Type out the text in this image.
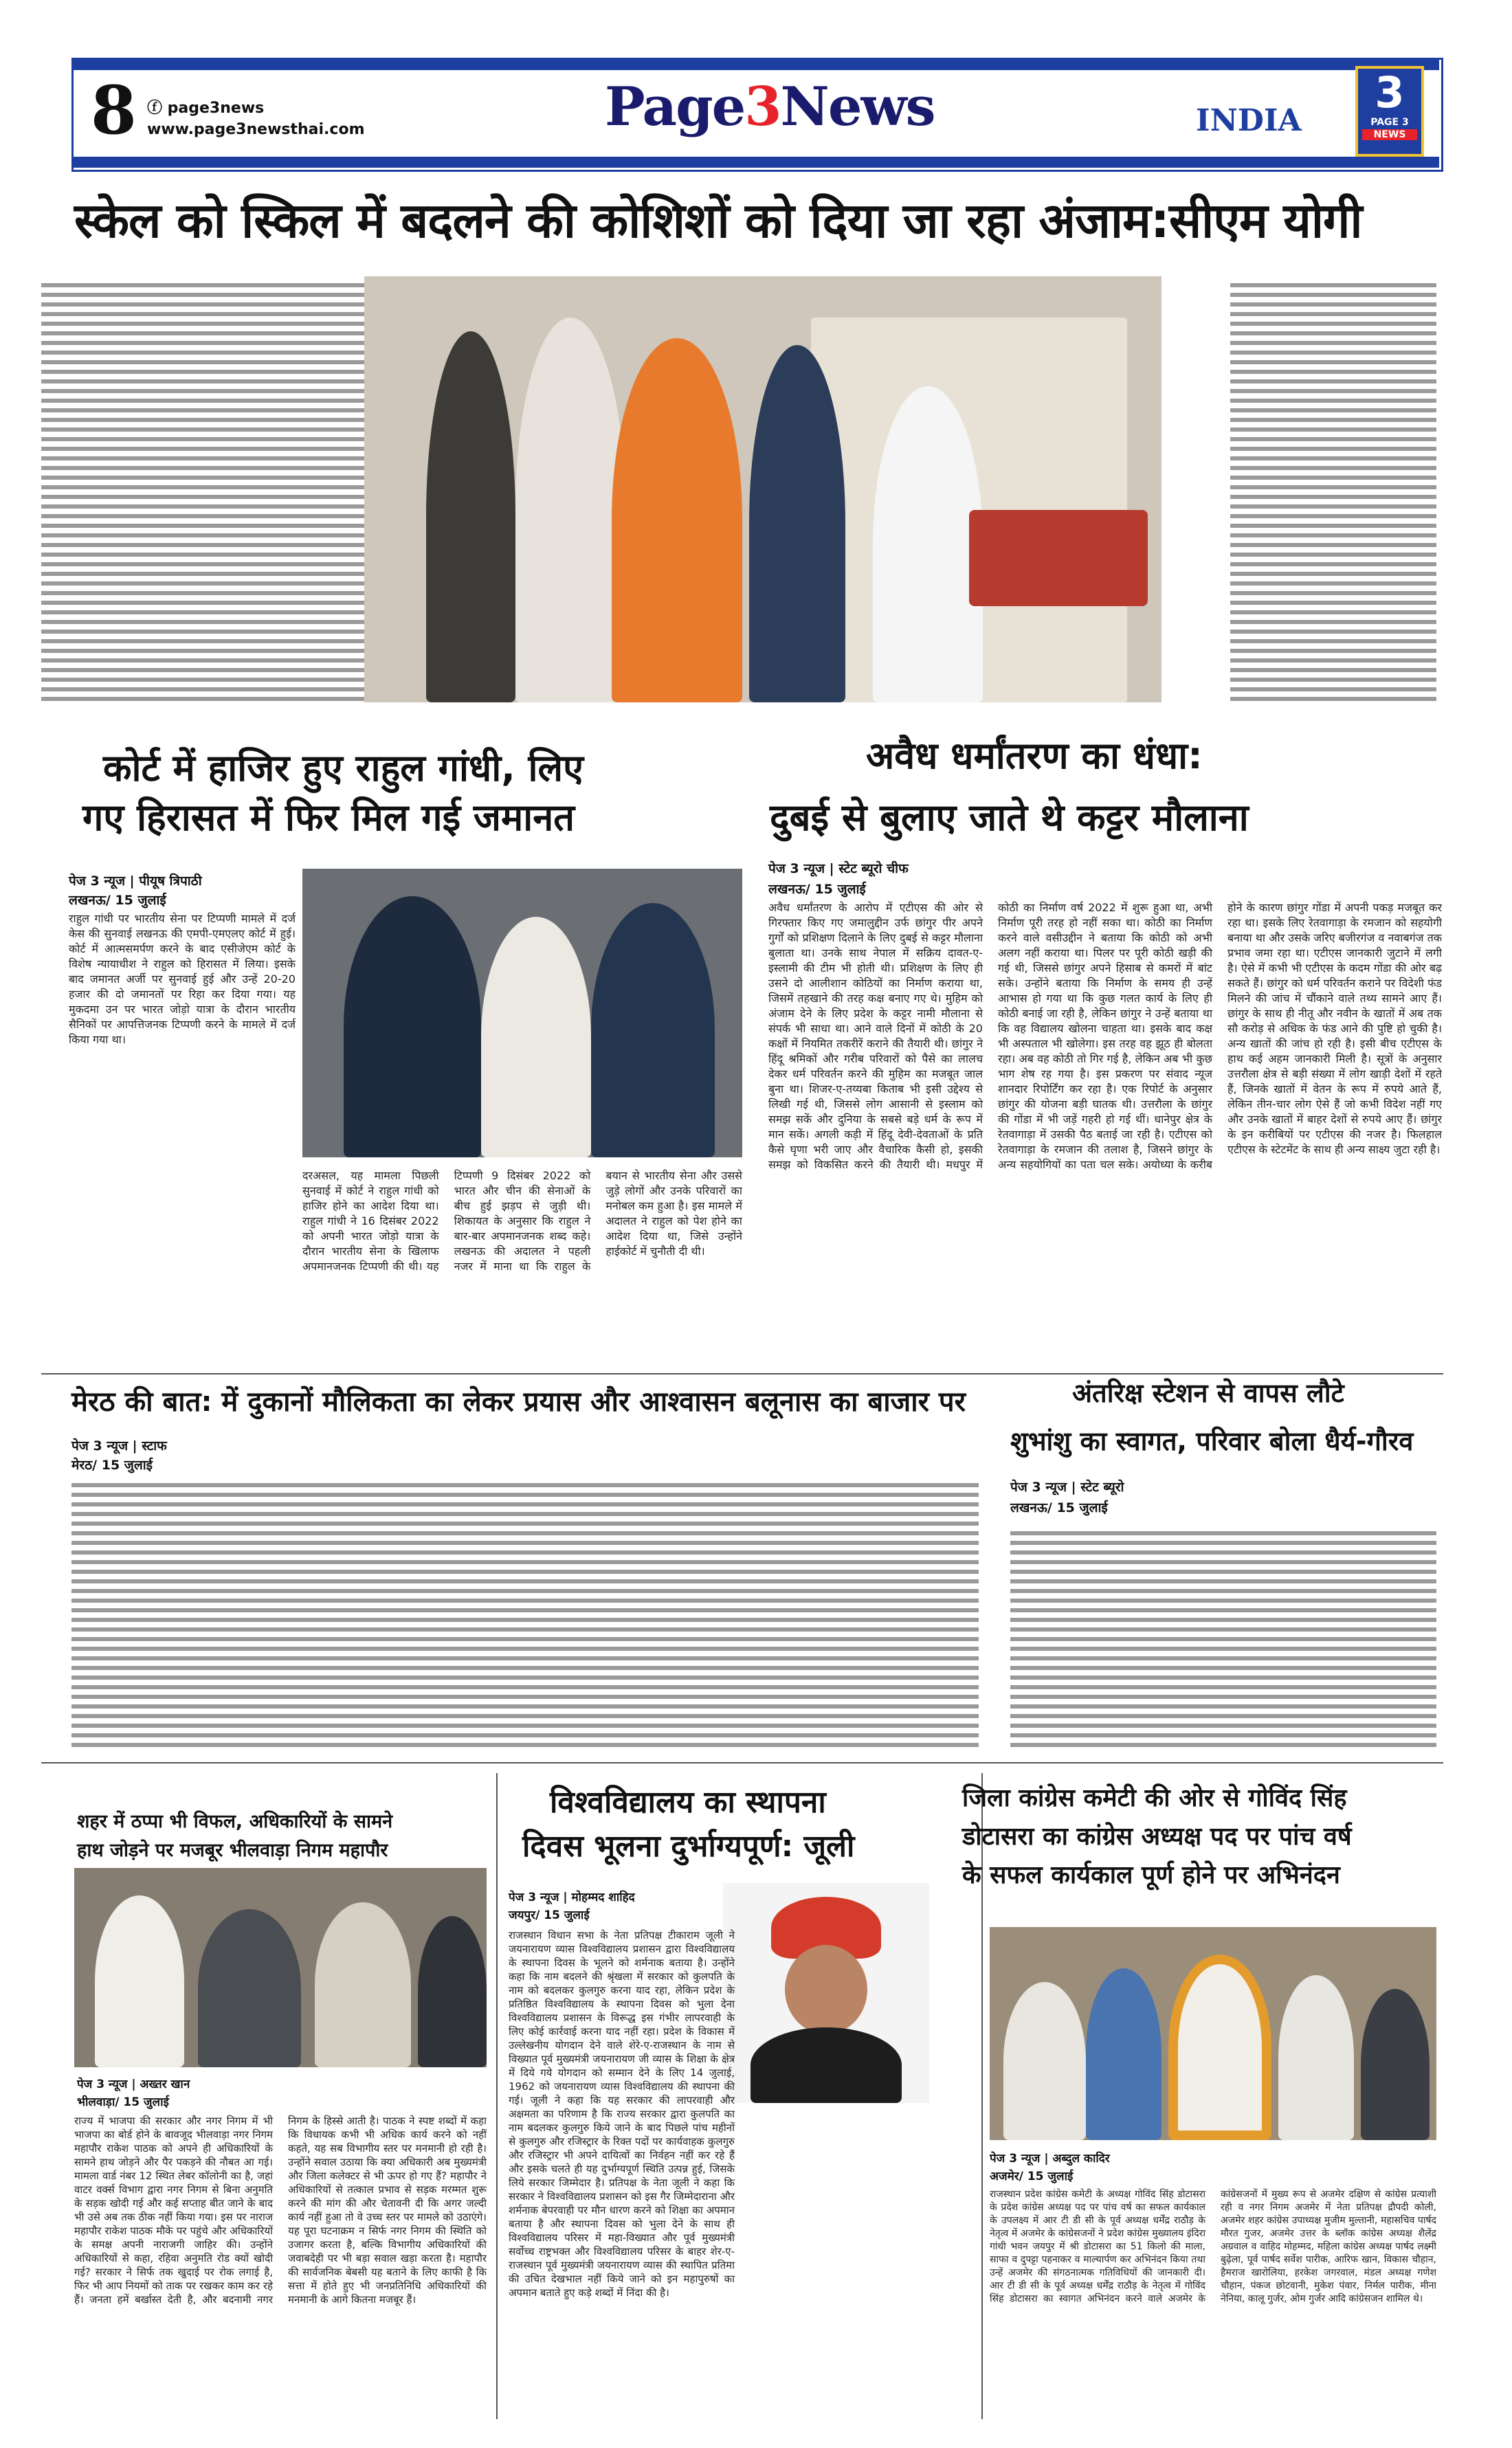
8 ⓕ page3news
www.page3newsthai.com
PB-BLACK
Page3News	INDIA
3
PAGE 3
NEWS
स्केल को स्किल में बदलने की कोशिशों को दिया जा रहा अंजाम:सीएम योगी
कोर्ट में हाजिर हुए राहुल गांधी, लिए
गए हिरासत में फिर मिल गई जमानत
पेज 3 न्यूज | पीयूष त्रिपाठी
लखनऊ/ 15 जुलाई
राहुल गांधी पर भारतीय सेना पर टिप्पणी मामले में दर्ज केस की सुनवाई लखनऊ की एमपी-एमएलए कोर्ट में हुई। कोर्ट में आत्मसमर्पण करने के बाद एसीजेएम कोर्ट के विशेष न्यायाधीश ने राहुल को हिरासत में लिया। इसके बाद जमानत अर्जी पर सुनवाई हुई और उन्हें 20-20 हजार की दो जमानतों पर रिहा कर दिया गया। यह मुकदमा उन पर भारत जोड़ो यात्रा के दौरान भारतीय सैनिकों पर आपत्तिजनक टिप्पणी करने के मामले में दर्ज किया गया था।
दरअसल, यह मामला पिछली सुनवाई में कोर्ट ने राहुल गांधी को हाजिर होने का आदेश दिया था। राहुल गांधी ने 16 दिसंबर 2022 को अपनी भारत जोड़ो यात्रा के दौरान भारतीय सेना के खिलाफ अपमानजनक टिप्पणी की थी। यह टिप्पणी 9 दिसंबर 2022 को भारत और चीन की सेनाओं के बीच हुई झड़प से जुड़ी थी। शिकायत के अनुसार कि राहुल ने बार-बार अपमानजनक शब्द कहे। लखनऊ की अदालत ने पहली नजर में माना था कि राहुल के बयान से भारतीय सेना और उससे जुड़े लोगों और उनके परिवारों का मनोबल कम हुआ है। इस मामले में अदालत ने राहुल को पेश होने का आदेश दिया था, जिसे उन्होंने हाईकोर्ट में चुनौती दी थी।
अवैध धर्मांतरण का धंधा:
दुबई से बुलाए जाते थे कट्टर मौलाना
पेज 3 न्यूज | स्टेट ब्यूरो चीफ
लखनऊ/ 15 जुलाई
अवैध धर्मांतरण के आरोप में एटीएस की ओर से गिरफ्तार किए गए जमालुद्दीन उर्फ छांगुर पीर अपने गुर्गों को प्रशिक्षण दिलाने के लिए दुबई से कट्टर मौलाना बुलाता था। उनके साथ नेपाल में सक्रिय दावत-ए-इस्लामी की टीम भी होती थी। प्रशिक्षण के लिए ही उसने दो आलीशान कोठियों का निर्माण कराया था, जिसमें तहखाने की तरह कक्ष बनाए गए थे। मुहिम को अंजाम देने के लिए प्रदेश के कट्टर नामी मौलाना से संपर्क भी साधा था। आने वाले दिनों में कोठी के 20 कक्षों में नियमित तकरीरें कराने की तैयारी थी। छांगुर ने हिंदू श्रमिकों और गरीब परिवारों को पैसे का लालच देकर धर्म परिवर्तन करने की मुहिम का मजबूत जाल बुना था। शिजर-ए-तय्यबा किताब भी इसी उद्देश्य से लिखी गई थी, जिससे लोग आसानी से इस्लाम को समझ सकें और दुनिया के सबसे बड़े धर्म के रूप में मान सकें। अगली कड़ी में हिंदू देवी-देवताओं के प्रति कैसे घृणा भरी जाए और वैचारिक कैसी हो, इसकी समझ को विकसित करने की तैयारी थी। मधपुर में कोठी का निर्माण वर्ष 2022 में शुरू हुआ था, अभी निर्माण पूरी तरह हो नहीं सका था। कोठी का निर्माण करने वाले वसीउद्दीन ने बताया कि कोठी को अभी अलग नहीं कराया था। पिलर पर पूरी कोठी खड़ी की गई थी, जिससे छांगुर अपने हिसाब से कमरों में बांट सके। उन्होंने बताया कि निर्माण के समय ही उन्हें आभास हो गया था कि कुछ गलत कार्य के लिए ही कोठी बनाई जा रही है, लेकिन छांगुर ने उन्हें बताया था कि वह विद्यालय खोलना चाहता था। इसके बाद कक्ष भी अस्पताल भी खोलेगा। इस तरह वह झूठ ही बोलता रहा। अब वह कोठी तो गिर गई है, लेकिन अब भी कुछ भाग शेष रह गया है। इस प्रकरण पर संवाद न्यूज शानदार रिपोर्टिंग कर रहा है। एक रिपोर्ट के अनुसार छांगुर की योजना बड़ी घातक थी। उत्तरौला के छांगुर की गोंडा में भी जड़ें गहरी हो गई थीं। धानेपुर क्षेत्र के रेतवागाड़ा में उसकी पैठ बताई जा रही है। एटीएस को रेतवागाड़ा के रमजान की तलाश है, जिसने छांगुर के अन्य सहयोगियों का पता चल सके। अयोध्या के करीब होने के कारण छांगुर गोंडा में अपनी पकड़ मजबूत कर रहा था। इसके लिए रेतवागाड़ा के रमजान को सहयोगी बनाया था और उसके जरिए बजीरगंज व नवाबगंज तक प्रभाव जमा रहा था। एटीएस जानकारी जुटाने में लगी है। ऐसे में कभी भी एटीएस के कदम गोंडा की ओर बढ़ सकते हैं। छांगुर को धर्म परिवर्तन कराने पर विदेशी फंड मिलने की जांच में चौंकाने वाले तथ्य सामने आए हैं। छांगुर के साथ ही नीतू और नवीन के खातों में अब तक सौ करोड़ से अधिक के फंड आने की पुष्टि हो चुकी है। अन्य खातों की जांच हो रही है। इसी बीच एटीएस के हाथ कई अहम जानकारी मिली है। सूत्रों के अनुसार उत्तरौला क्षेत्र से बड़ी संख्या में लोग खाड़ी देशों में रहते हैं, जिनके खातों में वेतन के रूप में रुपये आते हैं, लेकिन तीन-चार लोग ऐसे हैं जो कभी विदेश नहीं गए और उनके खातों में बाहर देशों से रुपये आए हैं। छांगुर के इन करीबियों पर एटीएस की नजर है। फिलहाल एटीएस के स्टेटमेंट के साथ ही अन्य साक्ष्य जुटा रही है।
मेरठ की बात: में दुकानों मौलिकता का लेकर प्रयास और आश्वासन बलूनास का बाजार पर
पेज 3 न्यूज | स्टाफ
मेरठ/ 15 जुलाई
अंतरिक्ष स्टेशन से वापस लौटे
शुभांशु का स्वागत, परिवार बोला धैर्य-गौरव
पेज 3 न्यूज | स्टेट ब्यूरो
लखनऊ/ 15 जुलाई
शहर में ठप्पा भी विफल, अधिकारियों के सामने
हाथ जोड़ने पर मजबूर भीलवाड़ा निगम महापौर
पेज 3 न्यूज | अख्तर खान
भीलवाड़ा/ 15 जुलाई
राज्य में भाजपा की सरकार और नगर निगम में भी भाजपा का बोर्ड होने के बावजूद भीलवाड़ा नगर निगम महापौर राकेश पाठक को अपने ही अधिकारियों के सामने हाथ जोड़ने और पैर पकड़ने की नौबत आ गई। मामला वार्ड नंबर 12 स्थित लेबर कॉलोनी का है, जहां वाटर वर्क्स विभाग द्वारा नगर निगम से बिना अनुमति के सड़क खोदी गई और कई सप्ताह बीत जाने के बाद भी उसे अब तक ठीक नहीं किया गया। इस पर नाराज महापौर राकेश पाठक मौके पर पहुंचे और अधिकारियों के समक्ष अपनी नाराजगी जाहिर की। उन्होंने अधिकारियों से कहा, रहिवा अनुमति रोड क्यों खोदी गई? सरकार ने सिर्फ तक खुदाई पर रोक लगाई है, फिर भी आप नियमों को ताक पर रखकर काम कर रहे हैं। जनता हमें बर्खास्त देती है, और बदनामी नगर निगम के हिस्से आती है। पाठक ने स्पष्ट शब्दों में कहा कि विधायक कभी भी अधिक कार्य करने को नहीं कहते, यह सब विभागीय स्तर पर मनमानी हो रही है। उन्होंने सवाल उठाया कि क्या अधिकारी अब मुख्यमंत्री और जिला कलेक्टर से भी ऊपर हो गए हैं? महापौर ने अधिकारियों से तत्काल प्रभाव से सड़क मरम्मत शुरू करने की मांग की और चेतावनी दी कि अगर जल्दी कार्य नहीं हुआ तो वे उच्च स्तर पर मामले को उठाएंगे। यह पूरा घटनाक्रम न सिर्फ नगर निगम की स्थिति को उजागर करता है, बल्कि विभागीय अधिकारियों की जवाबदेही पर भी बड़ा सवाल खड़ा करता है। महापौर की सार्वजनिक बेबसी यह बताने के लिए काफी है कि सत्ता में होते हुए भी जनप्रतिनिधि अधिकारियों की मनमानी के आगे कितना मजबूर हैं।
विश्वविद्यालय का स्थापना
दिवस भूलना दुर्भाग्यपूर्ण: जूली
पेज 3 न्यूज | मोहम्मद शाहिद
जयपुर/ 15 जुलाई
राजस्थान विधान सभा के नेता प्रतिपक्ष टीकाराम जूली ने जयनारायण व्यास विश्वविद्यालय प्रशासन द्वारा विश्वविद्यालय के स्थापना दिवस के भूलने को शर्मनाक बताया है। उन्होंने कहा कि नाम बदलने की श्रृंखला में सरकार को कुलपति के नाम को बदलकर कुलगुरु करना याद रहा, लेकिन प्रदेश के प्रतिष्ठित विश्वविद्यालय के स्थापना दिवस को भुला देना विश्वविद्यालय प्रशासन के विरूद्ध इस गंभीर लापरवाही के लिए कोई कार्रवाई करना याद नहीं रहा। प्रदेश के विकास में उल्लेखनीय योगदान देने वाले शेरे-ए-राजस्थान के नाम से विख्यात पूर्व मुख्यमंत्री जयनारायण जी व्यास के शिक्षा के क्षेत्र में दिये गये योगदान को सम्मान देने के लिए 14 जुलाई, 1962 को जयनारायण व्यास विश्वविद्यालय की स्थापना की गई। जूली ने कहा कि यह सरकार की लापरवाही और अक्षमता का परिणाम है कि राज्य सरकार द्वारा कुलपति का नाम बदलकर कुलगुरु किये जाने के बाद पिछले पांच महीनों से कुलगुरु और रजिस्ट्रार के रिक्त पदों पर कार्यवाहक कुलगुरु और रजिस्ट्रार भी अपने दायित्वों का निर्वहन नहीं कर रहे हैं और इसके चलते ही यह दुर्भाग्यपूर्ण स्थिति उत्पन्न हुई, जिसके लिये सरकार जिम्मेदार है। प्रतिपक्ष के नेता जूली ने कहा कि सरकार ने विश्वविद्यालय प्रशासन को इस गैर जिम्मेदाराना और शर्मनाक बेपरवाही पर मौन धारण करने को शिक्षा का अपमान बताया है और स्थापना दिवस को भुला देने के साथ ही विश्वविद्यालय परिसर में महा-विख्यात और पूर्व मुख्यमंत्री सर्वोच्च राष्ट्रभक्त और विश्वविद्यालय परिसर के बाहर शेर-ए-राजस्थान पूर्व मुख्यमंत्री जयनारायण व्यास की स्थापित प्रतिमा की उचित देखभाल नहीं किये जाने को इन महापुरुषों का अपमान बताते हुए कड़े शब्दों में निंदा की है।
जिला कांग्रेस कमेटी की ओर से गोविंद सिंह
डोटासरा का कांग्रेस अध्यक्ष पद पर पांच वर्ष
के सफल कार्यकाल पूर्ण होने पर अभिनंदन
पेज 3 न्यूज | अब्दुल कादिर
अजमेर/ 15 जुलाई
राजस्थान प्रदेश कांग्रेस कमेटी के अध्यक्ष गोविंद सिंह डोटासरा के प्रदेश कांग्रेस अध्यक्ष पद पर पांच वर्ष का सफल कार्यकाल के उपलक्ष्य में आर टी डी सी के पूर्व अध्यक्ष धर्मेंद्र राठौड़ के नेतृत्व में अजमेर के कांग्रेसजनों ने प्रदेश कांग्रेस मुख्यालय इंदिरा गांधी भवन जयपुर में श्री डोटासरा का 51 किलो की माला, साफा व दुपट्टा पहनाकर व माल्यार्पण कर अभिनंदन किया तथा उन्हें अजमेर की संगठनात्मक गतिविधियों की जानकारी दी। आर टी डी सी के पूर्व अध्यक्ष धर्मेंद्र राठौड़ के नेतृत्व में गोविंद सिंह डोटासरा का स्वागत अभिनंदन करने वाले अजमेर के कांग्रेसजनों में मुख्य रूप से अजमेर दक्षिण से कांग्रेस प्रत्याशी रही व नगर निगम अजमेर में नेता प्रतिपक्ष द्रौपदी कोली, अजमेर शहर कांग्रेस उपाध्यक्ष मुजीम मुल्तानी, महासचिव पार्षद मौरत गुजर, अजमेर उत्तर के ब्लॉक कांग्रेस अध्यक्ष शैलेंद्र अग्रवाल व वाहिद मोहम्मद, महिला कांग्रेस अध्यक्ष पार्षद लक्ष्मी बुढ़ेला, पूर्व पार्षद सर्वेश पारीक, आरिफ खान, विकास चौहान, हैमराज खारोलिया, हरकेश जगरवाल, मंडल अध्यक्ष गणेश चौहान, पंकज छोटवानी, मुकेश पंवार, निर्मल पारीक, मीना नेनिया, कालू गुर्जर, ओम गुर्जर आदि कांग्रेसजन शामिल थे।
